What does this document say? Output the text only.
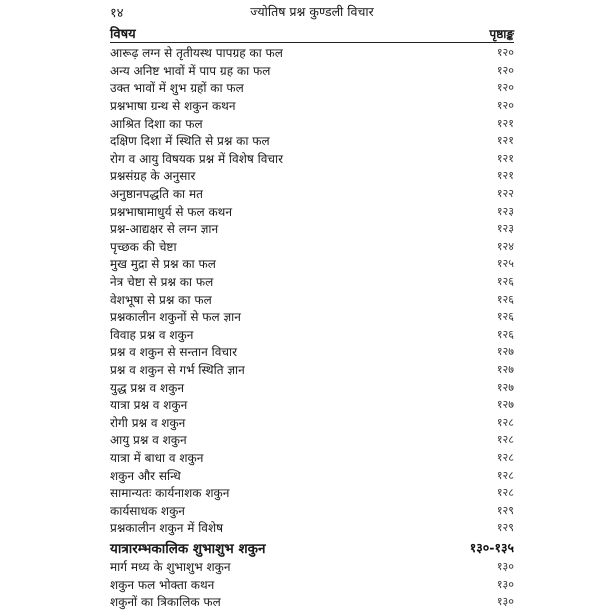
१४	ज्योतिष प्रश्न कुण्डली विचार
विषय	पृष्ठाङ्क
आरूढ़ लग्न से तृतीयस्थ पापग्रह का फल	१२०
अन्य अनिष्ट भावों में पाप ग्रह का फल	१२०
उक्त भावों में शुभ ग्रहों का फल	१२०
प्रश्नभाषा ग्रन्थ से शकुन कथन	१२०
आश्रित दिशा का फल	१२१
दक्षिण दिशा में स्थिति से प्रश्न का फल	१२१
रोग व आयु विषयक प्रश्न में विशेष विचार	१२१
प्रश्नसंग्रह के अनुसार	१२१
अनुष्ठानपद्धति का मत	१२२
प्रश्नभाषामाधुर्य से फल कथन	१२३
प्रश्न-आद्यक्षर से लग्न ज्ञान	१२३
पृच्छक की चेष्टा	१२४
मुख मुद्रा से प्रश्न का फल	१२५
नेत्र चेष्टा से प्रश्न का फल	१२६
वेशभूषा से प्रश्न का फल	१२६
प्रश्नकालीन शकुनों से फल ज्ञान	१२६
विवाह प्रश्न व शकुन	१२६
प्रश्न व शकुन से सन्तान विचार	१२७
प्रश्न व शकुन से गर्भ स्थिति ज्ञान	१२७
युद्ध प्रश्न व शकुन	१२७
यात्रा प्रश्न व शकुन	१२७
रोगी प्रश्न व शकुन	१२८
आयु प्रश्न व शकुन	१२८
यात्रा में बाधा व शकुन	१२८
शकुन और सन्धि	१२८
सामान्यतः कार्यनाशक शकुन	१२८
कार्यसाधक शकुन	१२९
प्रश्नकालीन शकुन में विशेष	१२९
यात्रारम्भकालिक शुभाशुभ शकुन	१३०-१३५
मार्ग मध्य के शुभाशुभ शकुन	१३०
शकुन फल भोक्ता कथन	१३०
शकुनों का त्रिकालिक फल	१३०
